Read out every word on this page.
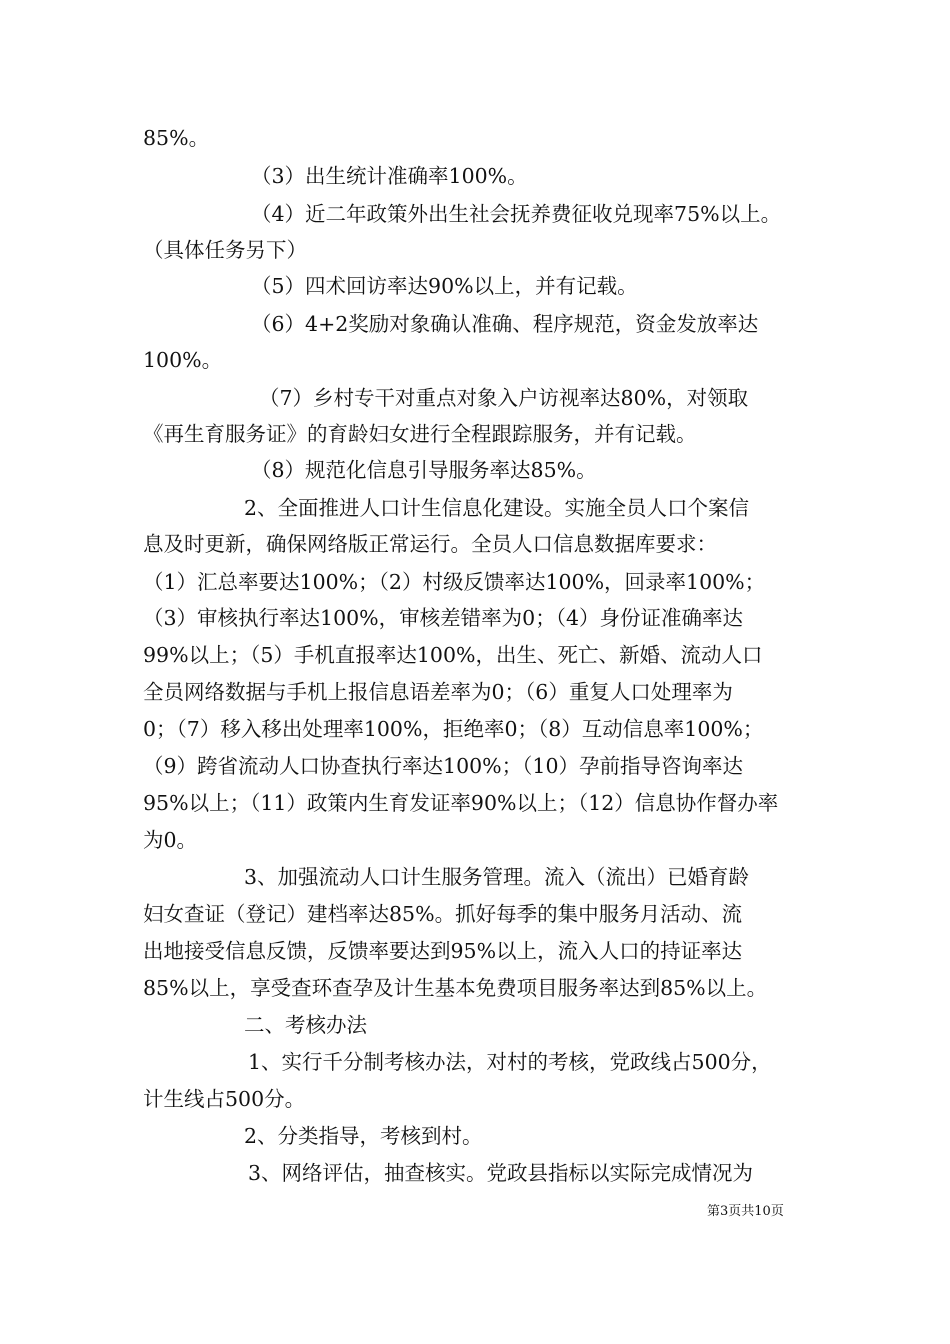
85%。

（3）出生统计准确率100%。

（4）近二年政策外出生社会抚养费征收兑现率75%以上。

（具体任务另下）

（5）四术回访率达90%以上，并有记载。

（6）4+2奖励对象确认准确、程序规范，资金发放率达

100%。

（7）乡村专干对重点对象入户访视率达80%，对领取

《再生育服务证》的育龄妇女进行全程跟踪服务，并有记载。

（8）规范化信息引导服务率达85%。

2、全面推进人口计生信息化建设。实施全员人口个案信

息及时更新，确保网络版正常运行。全员人口信息数据库要求：

（1）汇总率要达100%；（2）村级反馈率达100%，回录率100%；

（3）审核执行率达100%，审核差错率为0；（4）身份证准确率达

99%以上；（5）手机直报率达100%，出生、死亡、新婚、流动人口

全员网络数据与手机上报信息语差率为0；（6）重复人口处理率为

0；（7）移入移出处理率100%，拒绝率0；（8）互动信息率100%；

（9）跨省流动人口协查执行率达100%；（10）孕前指导咨询率达

95%以上；（11）政策内生育发证率90%以上；（12）信息协作督办率

为0。

3、加强流动人口计生服务管理。流入（流出）已婚育龄

妇女查证（登记）建档率达85%。抓好每季的集中服务月活动、流

出地接受信息反馈，反馈率要达到95%以上，流入人口的持证率达

85%以上，享受查环查孕及计生基本免费项目服务率达到85%以上。

二、考核办法

1、实行千分制考核办法，对村的考核，党政线占500分，

计生线占500分。

2、分类指导，考核到村。

3、网络评估，抽查核实。党政县指标以实际完成情况为

第3页共10页
